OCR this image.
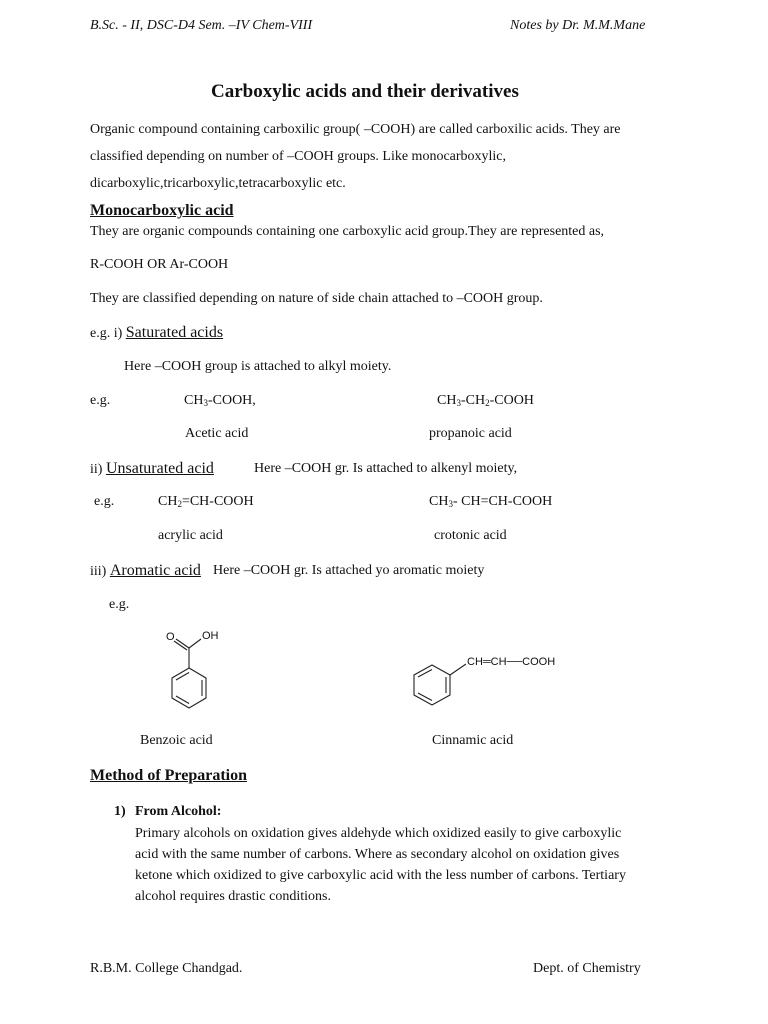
B.Sc. - II, DSC-D4 Sem. –IV Chem-VIII	Notes by Dr. M.M.Mane
Carboxylic acids and their derivatives
Organic compound containing carboxilic group( –COOH) are called carboxilic acids. They are
classified depending on number of –COOH groups. Like monocarboxylic,
dicarboxylic,tricarboxylic,tetracarboxylic etc.
Monocarboxylic acid
They are organic compounds containing one carboxylic acid group.They are represented as,
R-COOH OR Ar-COOH
They are classified depending on nature of side chain attached to –COOH group.
e.g. i) Saturated acids
Here –COOH group is attached to alkyl moiety.
e.g.	$CH_3$-COOH,	$CH_3-CH_2$-COOH
Acetic acid	propanoic acid
ii) Unsaturated acid	Here –COOH gr. Is attached to alkenyl moiety,
e.g.	$CH_2=CH$-COOH	$CH_3-$ CH=CH-COOH
acrylic acid	crotonic acid
iii) Aromatic acid Here –COOH gr. Is attached yo aromatic moiety
e.g.
O OH
CH═CH──COOH
Benzoic acid	Cinnamic acid
Method of Preparation
1) From Alcohol:
Primary alcohols on oxidation gives aldehyde which oxidized easily to give carboxylic
acid with the same number of carbons. Where as secondary alcohol on oxidation gives
ketone which oxidized to give carboxylic acid with the less number of carbons. Tertiary
alcohol requires drastic conditions.
R.B.M. College Chandgad.	Dept. of Chemistry
